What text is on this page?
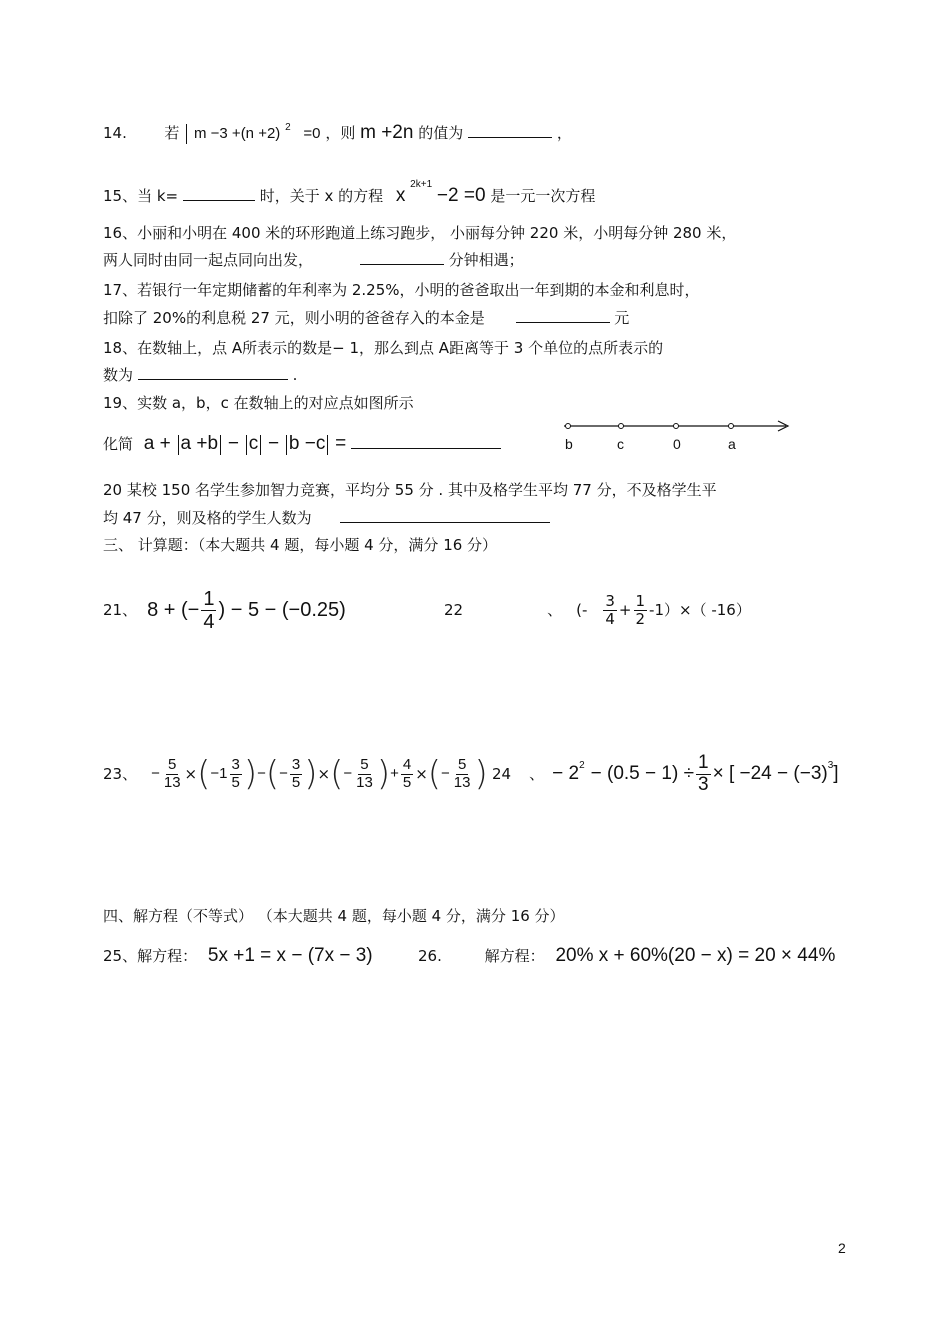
14.	若 m −3 +(n +2) $^2$ =0 ，则 m +2n 的值为	，
15、当 k=	时，关于 x 的方程 x $^{2k+1}$ −2 =0 是一元一次方程
16、小丽和小明在 400 米的环形跑道上练习跑步， 小丽每分钟 220 米，小明每分钟 280 米，
两人同时由同一起点同向出发，	分钟相遇；
17、若银行一年定期储蓄的年利率为 2.25%，小明的爸爸取出一年到期的本金和利息时，
扣除了 20%的利息税 27 元，则小明的爸爸存入的本金是	元
18、在数轴上，点 A所表示的数是− 1，那么到点 A距离等于 3 个单位的点所表示的
数为	.
19、实数 a，b，c 在数轴上的对应点如图所示
化简 a + a +b − c − b −c =	b	c	0	a
20 某校 150 名学生参加智力竞赛，平均分 55 分 . 其中及格学生平均 77 分，不及格学生平
均 47 分，则及格的学生人数为
三、 计算题：（本大题共 4 题，每小题 4 分，满分 16 分）
21、 8 + (− $\frac{1}{4}$ ) − 5 − (−0.25)	22	、 (- $\frac{3}{4} + \frac{1}{2} -1)\times$（ -16）
23、 − $\frac{5}{13}$ × ( $-1 \frac{3}{5}$ ) − ( − $\frac{3}{5}$ ) × ( − $\frac{5}{13}$ ) + $\frac{4}{5}$ × ( − $\frac{5}{13}$ ) 24 、 − 2 $2 - (0.5 - 1) \div \frac{1}{3}$ × [ −24 − (−3) 3 ]
四、解方程（不等式） （本大题共 4 题，每小题 4 分，满分 16 分）
25、解方程： 5x +1 = x − (7x − 3)	26.	解方程： 20% x + 60%(20 − x) = 20 × 44%
2
